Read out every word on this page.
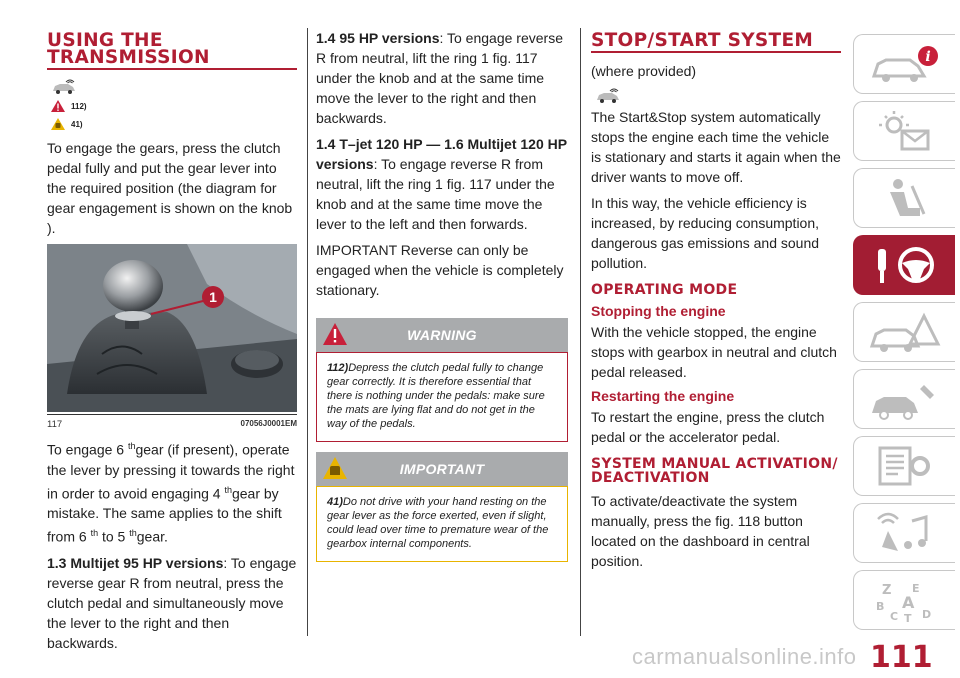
USING THE TRANSMISSION
112)
41)

To engage the gears, press the clutch pedal fully and put the gear lever into the required position (the diagram for gear engagement is shown on the knob ).

1
117	07056J0001EM

To engage 6 $^{th}$gear (if present), operate the lever by pressing it towards the right in order to avoid engaging 4 $^{th}$gear by mistake. The same applies to the shift from 6 $^{th}$ to 5 $^{th}$gear.

1.3 Multijet 95 HP versions: To engage reverse gear R from neutral, press the clutch pedal and simultaneously move the lever to the right and then backwards.

1.4 95 HP versions: To engage reverse R from neutral, lift the ring 1 fig. 117 under the knob and at the same time move the lever to the right and then backwards.

1.4 T–jet 120 HP — 1.6 Multijet 120 HP versions: To engage reverse R from neutral, lift the ring 1 fig. 117 under the knob and at the same time move the lever to the left and then forwards.

IMPORTANT Reverse can only be engaged when the vehicle is completely stationary.

WARNING
112)Depress the clutch pedal fully to change gear correctly. It is therefore essential that there is nothing under the pedals: make sure the mats are lying flat and do not get in the way of the pedals.
IMPORTANT
41)Do not drive with your hand resting on the gear lever as the force exerted, even if slight, could lead over time to premature wear of the gearbox internal components.
STOP/START SYSTEM

(where provided)

The Start&Stop system automatically stops the engine each time the vehicle is stationary and starts it again when the driver wants to move off.

In this way, the vehicle efficiency is increased, by reducing consumption, dangerous gas emissions and sound pollution.

OPERATING MODE
Stopping the engine

With the vehicle stopped, the engine stops with gearbox in neutral and clutch pedal released.

Restarting the engine

To restart the engine, press the clutch pedal or the accelerator pedal.

SYSTEM MANUAL ACTIVATION/ DEACTIVATION

To activate/deactivate the system manually, press the fig. 118 button located on the dashboard in central position.

i
Z E
A
B
C T D
111
carmanualsonline.info
